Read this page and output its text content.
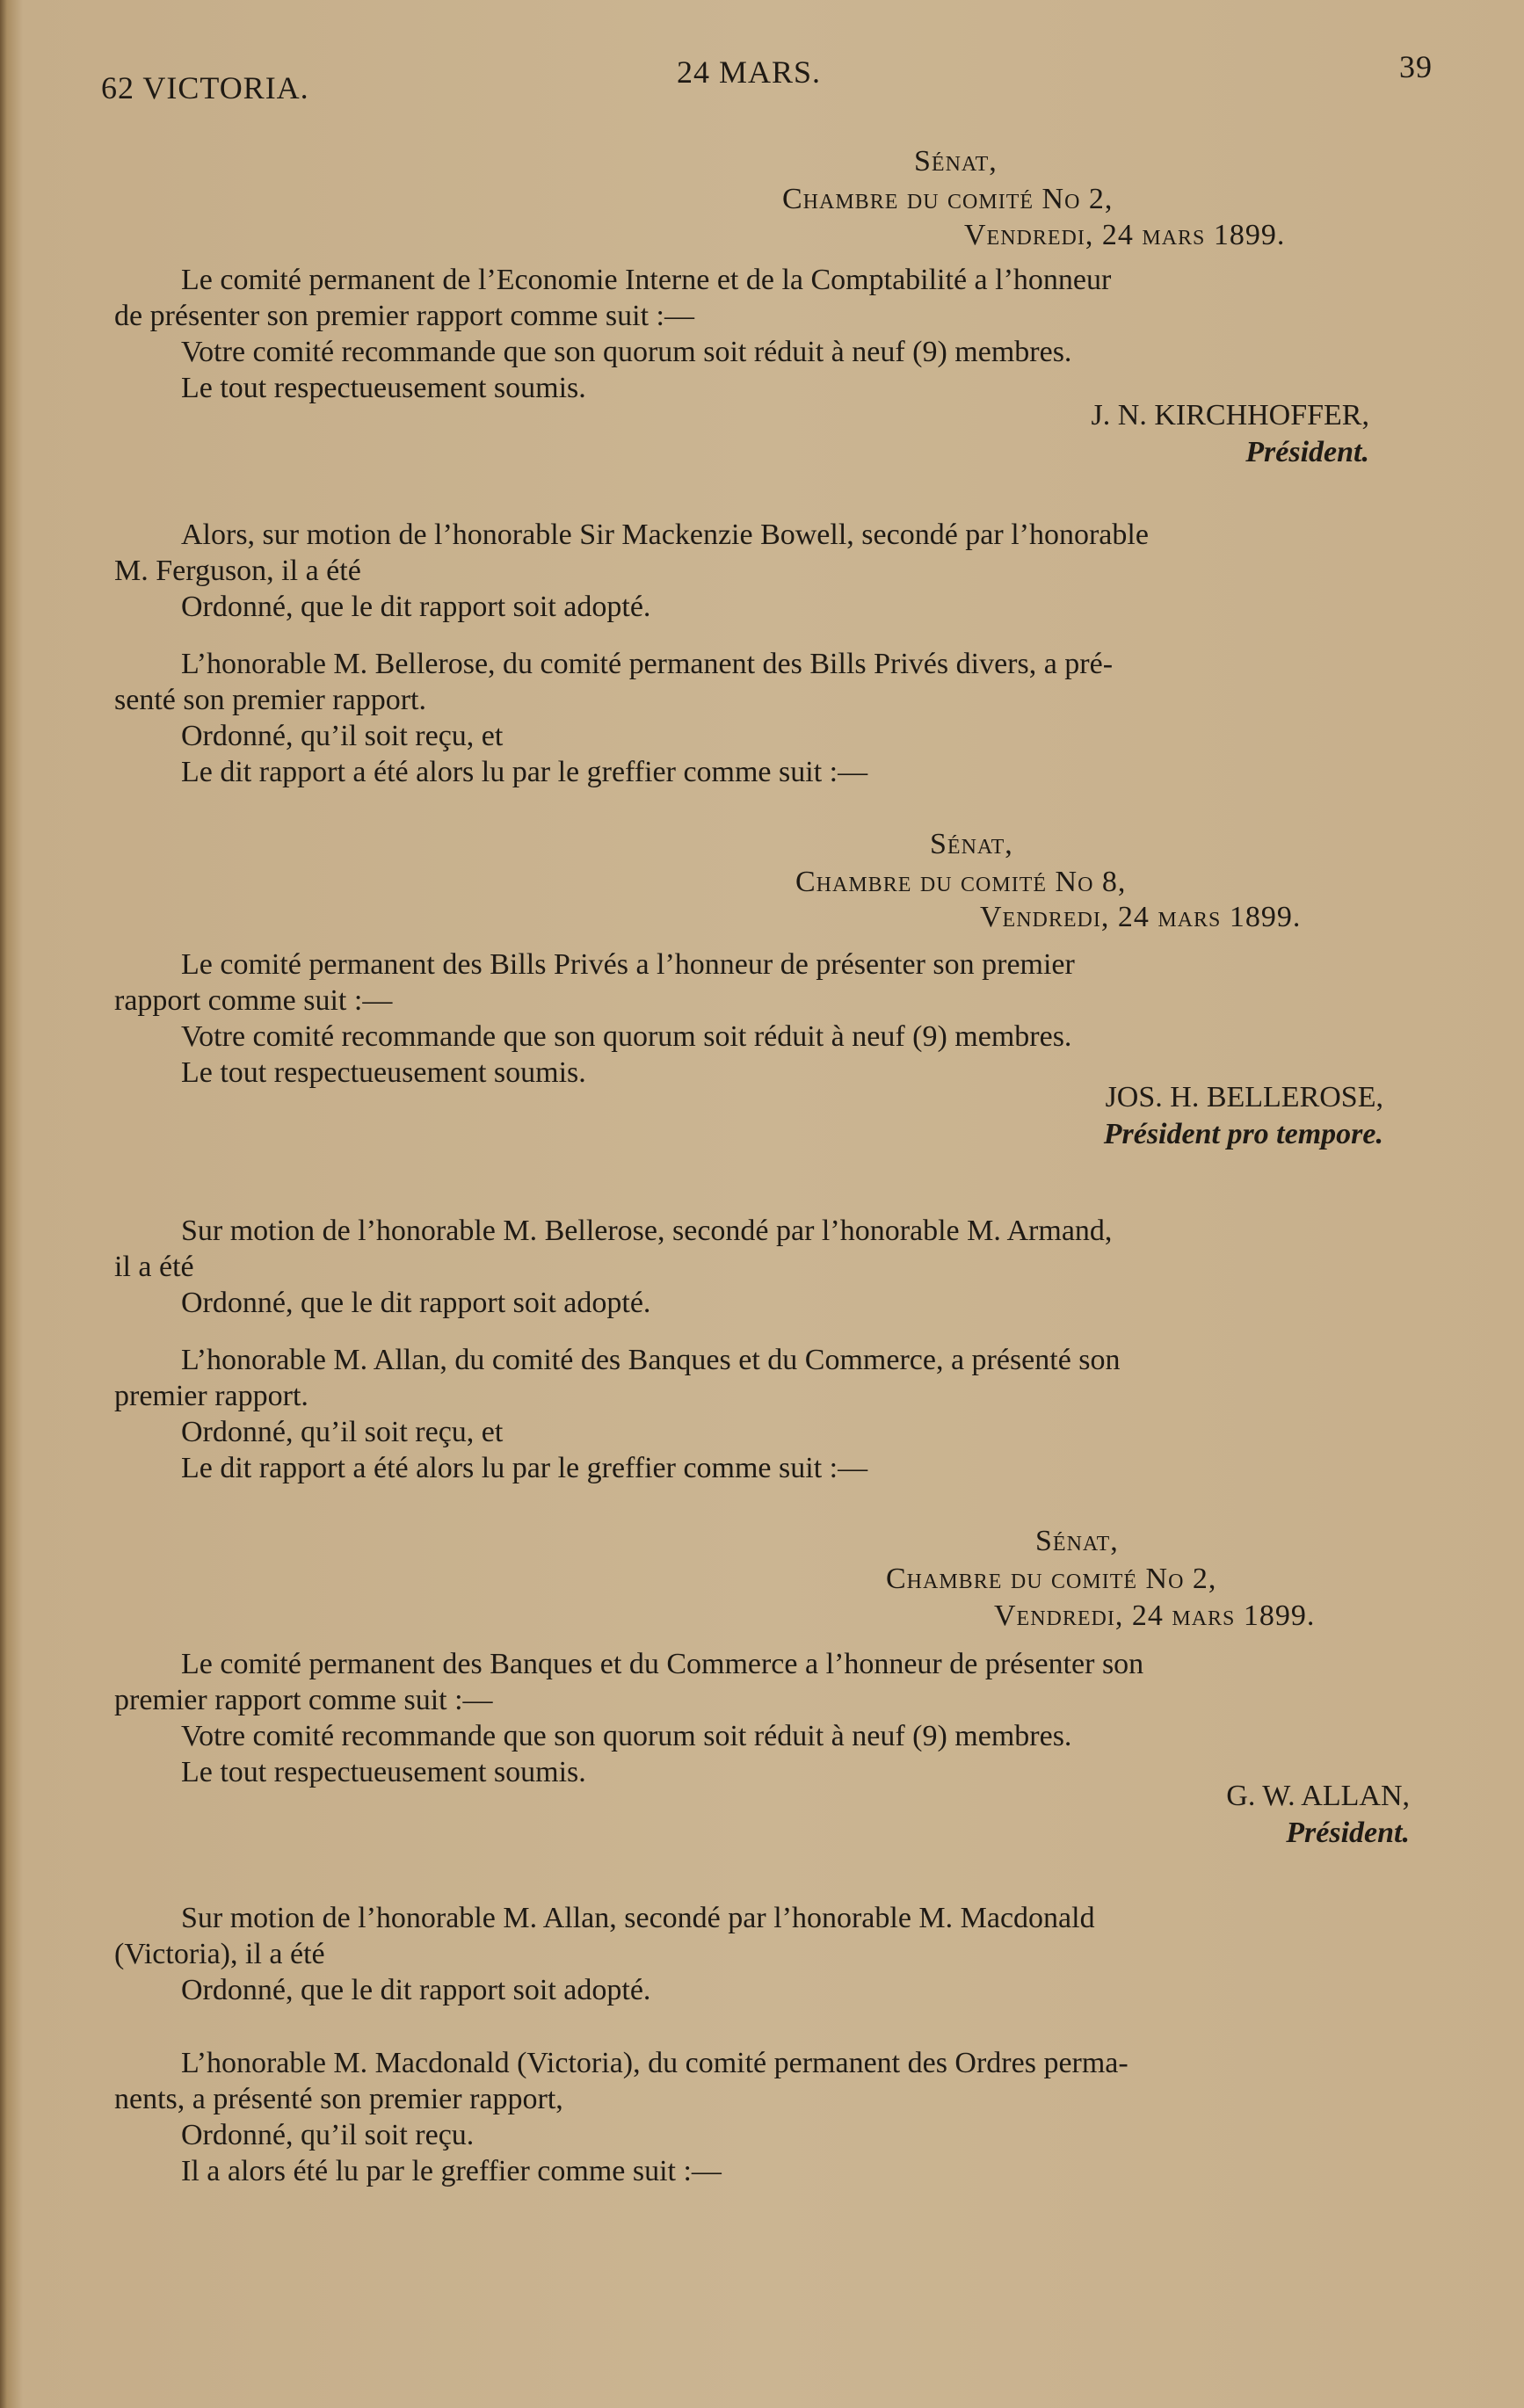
62 VICTORIA.	24 MARS.	39
Sénat,
Chambre du comité No 2,
Vendredi, 24 mars 1899.
Le comité permanent de l’Economie Interne et de la Comptabilité a l’honneur
de présenter son premier rapport comme suit :—
Votre comité recommande que son quorum soit réduit à neuf (9) membres.
Le tout respectueusement soumis.
J. N. KIRCHHOFFER,
Président.
Alors, sur motion de l’honorable Sir Mackenzie Bowell, secondé par l’honorable
M. Ferguson, il a été
Ordonné, que le dit rapport soit adopté.
L’honorable M. Bellerose, du comité permanent des Bills Privés divers, a pré-
senté son premier rapport.
Ordonné, qu’il soit reçu, et
Le dit rapport a été alors lu par le greffier comme suit :—
Sénat,
Chambre du comité No 8,
Vendredi, 24 mars 1899.
Le comité permanent des Bills Privés a l’honneur de présenter son premier
rapport comme suit :—
Votre comité recommande que son quorum soit réduit à neuf (9) membres.
Le tout respectueusement soumis.
JOS. H. BELLEROSE,
Président pro tempore.
Sur motion de l’honorable M. Bellerose, secondé par l’honorable M. Armand,
il a été
Ordonné, que le dit rapport soit adopté.
L’honorable M. Allan, du comité des Banques et du Commerce, a présenté son
premier rapport.
Ordonné, qu’il soit reçu, et
Le dit rapport a été alors lu par le greffier comme suit :—
Sénat,
Chambre du comité No 2,
Vendredi, 24 mars 1899.
Le comité permanent des Banques et du Commerce a l’honneur de présenter son
premier rapport comme suit :—
Votre comité recommande que son quorum soit réduit à neuf (9) membres.
Le tout respectueusement soumis.
G. W. ALLAN,
Président.
Sur motion de l’honorable M. Allan, secondé par l’honorable M. Macdonald
(Victoria), il a été
Ordonné, que le dit rapport soit adopté.
L’honorable M. Macdonald (Victoria), du comité permanent des Ordres perma-
nents, a présenté son premier rapport,
Ordonné, qu’il soit reçu.
Il a alors été lu par le greffier comme suit :—
